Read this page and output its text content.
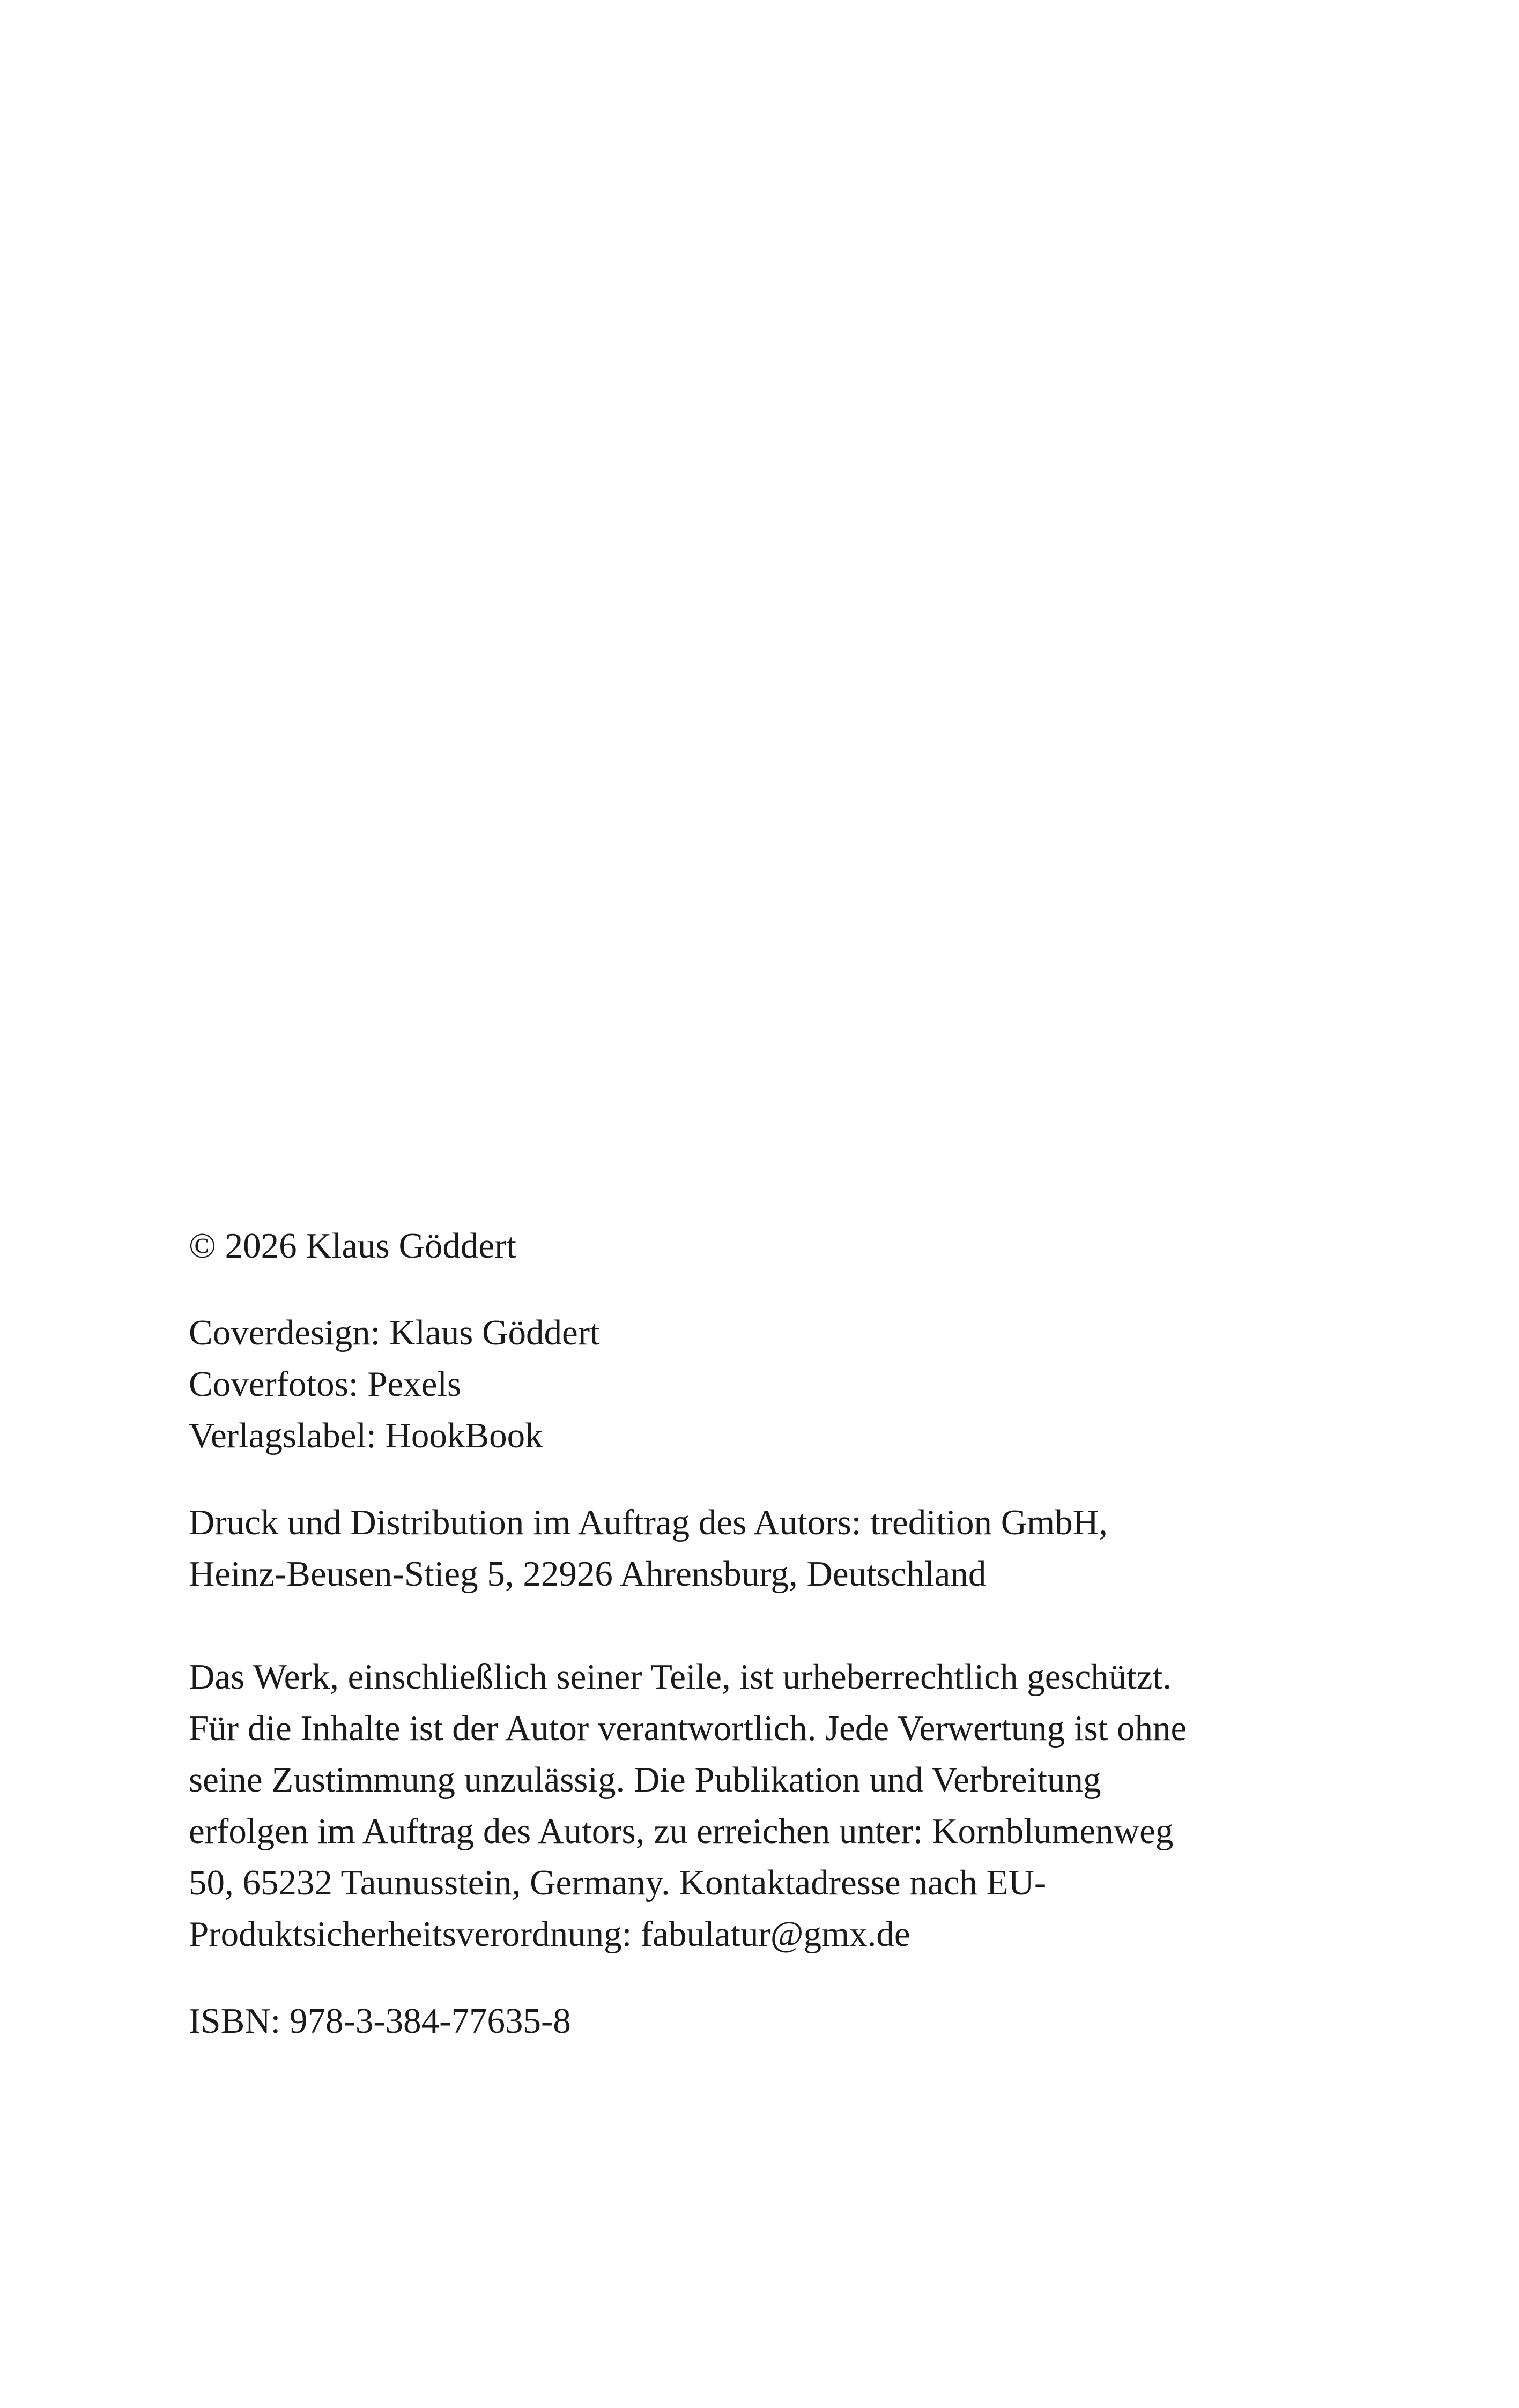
© 2026 Klaus Göddert

Coverdesign: Klaus Göddert

Coverfotos: Pexels

Verlagslabel: HookBook

Druck und Distribution im Auftrag des Autors: tredition GmbH,

Heinz-Beusen-Stieg 5, 22926 Ahrensburg, Deutschland

Das Werk, einschließlich seiner Teile, ist urheberrechtlich geschützt.

Für die Inhalte ist der Autor verantwortlich. Jede Verwertung ist ohne

seine Zustimmung unzulässig. Die Publikation und Verbreitung

erfolgen im Auftrag des Autors, zu erreichen unter: Kornblumenweg

50, 65232 Taunusstein, Germany. Kontaktadresse nach EU-

Produktsicherheitsverordnung: fabulatur@gmx.de

ISBN: 978-3-384-77635-8
